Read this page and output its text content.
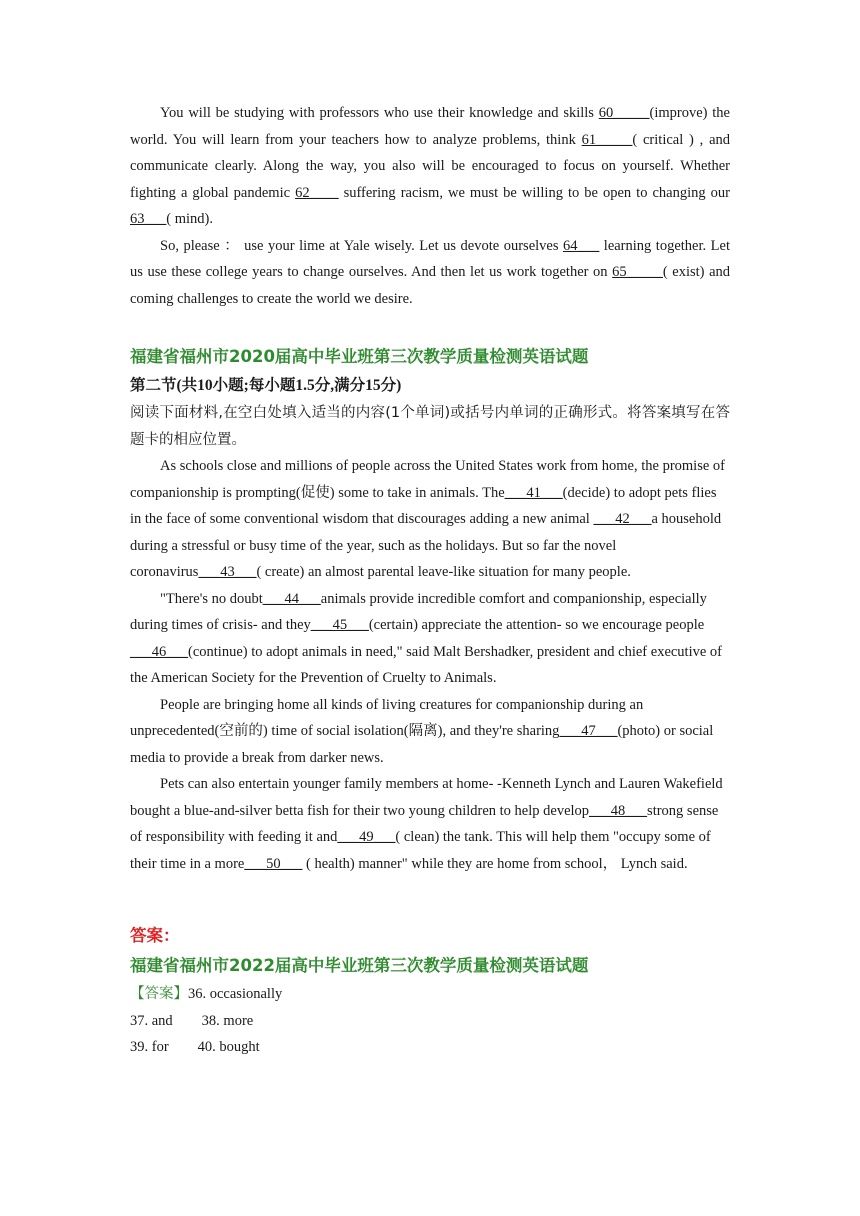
You will be studying with professors who use their knowledge and skills 60_____(improve) the world. You will learn from your teachers how to analyze problems, think 61_____( critical ) , and communicate clearly. Along the way, you also will be encouraged to focus on yourself. Whether fighting a global pandemic 62____ suffering racism, we must be willing to be open to changing our 63___( mind).

So, please ： use your lime at Yale wisely. Let us devote ourselves 64___ learning together. Let us use these college years to change ourselves. And then let us work together on 65_____( exist) and coming challenges to create the world we desire.

福建省福州市2020届高中毕业班第三次教学质量检测英语试题
第二节(共10小题;每小题1.5分,满分15分)
阅读下面材料,在空白处填入适当的内容(1个单词)或括号内单词的正确形式。将答案填写在答题卡的相应位置。

As schools close and millions of people across the United States work from home, the promise of companionship is prompting(促使) some to take in animals. The___41___(decide) to adopt pets flies in the face of some conventional wisdom that discourages adding a new animal ___42___a household during a stressful or busy time of the year, such as the holidays. But so far the novel coronavirus___43___( create) an almost parental leave-like situation for many people.

"There's no doubt___44___animals provide incredible comfort and companionship, especially during times of crisis- and they___45___(certain) appreciate the attention- so we encourage people ___46___(continue) to adopt animals in need," said Malt Bershadker, president and chief executive of the American Society for the Prevention of Cruelty to Animals.

People are bringing home all kinds of living creatures for companionship during an unprecedented(空前的) time of social isolation(隔离), and they're sharing___47___(photo) or social media to provide a break from darker news.

Pets can also entertain younger family members at home- -Kenneth Lynch and Lauren Wakefield bought a blue-and-silver betta fish for their two young children to help develop___48___strong sense of responsibility with feeding it and___49___( clean) the tank. This will help them "occupy some of their time in a more___50___ ( health) manner" while they are home from school， Lynch said.

答案：
福建省福州市2022届高中毕业班第三次教学质量检测英语试题

【答案】36. occasionally

37. and        38. more

39. for        40. bought
